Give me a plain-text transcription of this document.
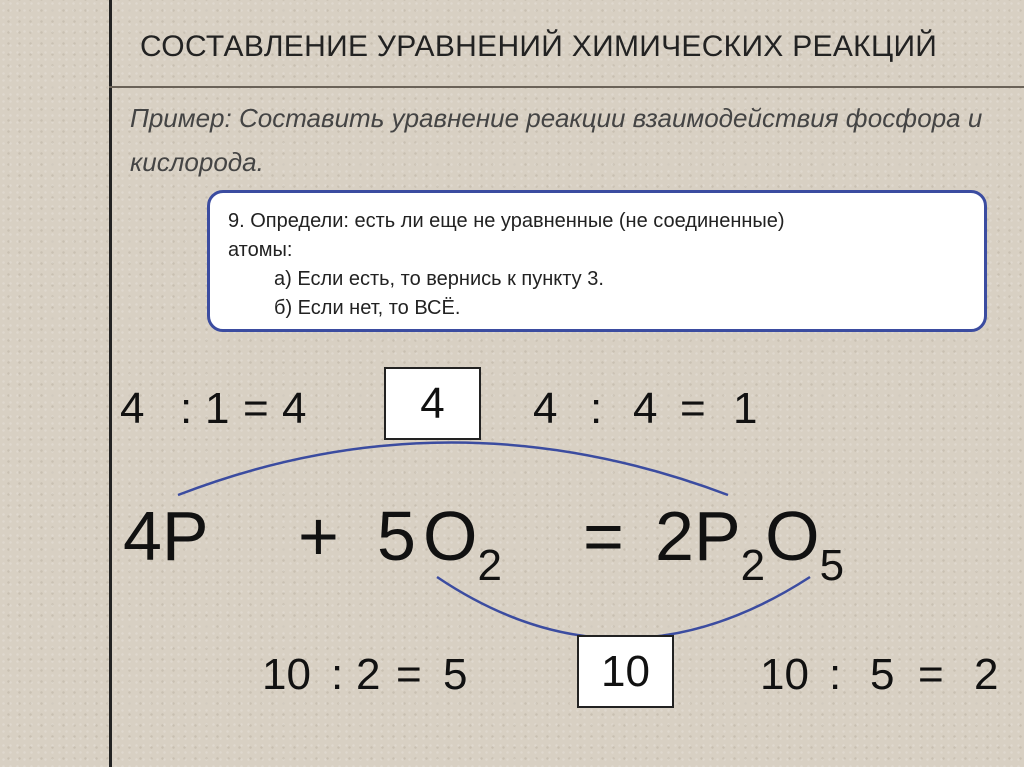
СОСТАВЛЕНИЕ УРАВНЕНИЙ ХИМИЧЕСКИХ РЕАКЦИЙ
Пример: Составить уравнение реакции взаимодействия фосфора и кислорода.
9. Определи: есть ли еще не уравненные (не соединенные)
атомы:
а) Если есть, то вернись к пункту 3.
б) Если нет, то ВСЁ.
4 : 1 = 4	4	4 : 4 = 1
4P + 5 $O_2 = 2P_2O_5$
10 : 2 = 5	10	10 : 5 = 2
